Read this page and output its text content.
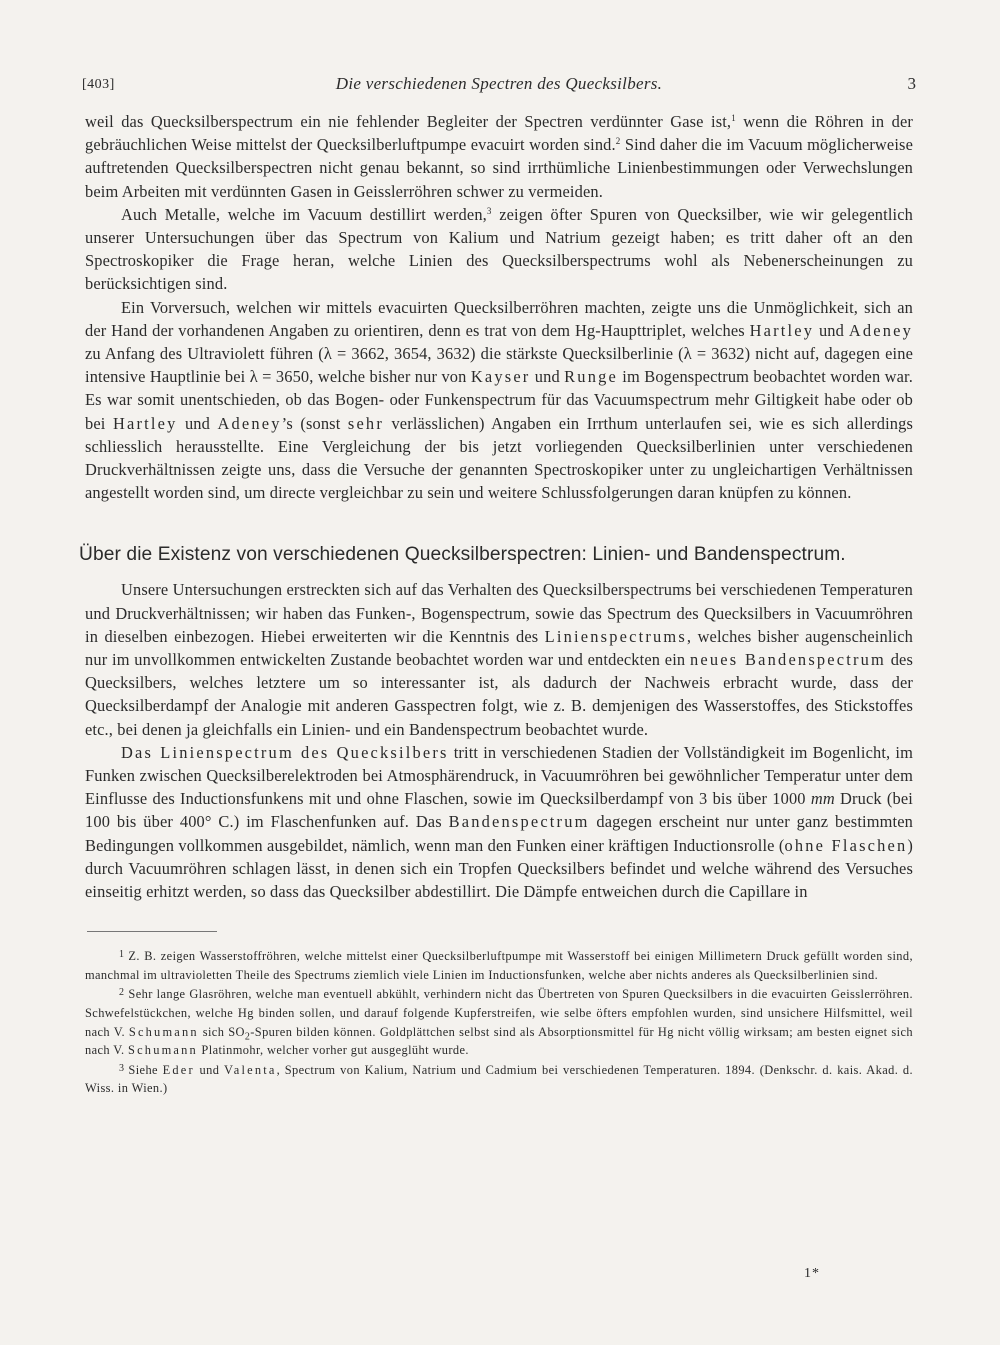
[403]	Die verschiedenen Spectren des Quecksilbers.	3

weil das Quecksilberspectrum ein nie fehlender Begleiter der Spectren verdünnter Gase ist,$^1$ wenn die Röhren in der gebräuchlichen Weise mittelst der Quecksilberluftpumpe evacuirt worden sind.$^2$ Sind daher die im Vacuum möglicherweise auftretenden Quecksilberspectren nicht genau bekannt, so sind irrthümliche Linienbestimmungen oder Verwechslungen beim Arbeiten mit verdünnten Gasen in Geisslerröhren schwer zu vermeiden.

Auch Metalle, welche im Vacuum destillirt werden,$^3$ zeigen öfter Spuren von Quecksilber, wie wir gelegentlich unserer Untersuchungen über das Spectrum von Kalium und Natrium gezeigt haben; es tritt daher oft an den Spectroskopiker die Frage heran, welche Linien des Quecksilberspectrums wohl als Nebenerscheinungen zu berücksichtigen sind.

Ein Vorversuch, welchen wir mittels evacuirten Quecksilberröhren machten, zeigte uns die Unmöglichkeit, sich an der Hand der vorhandenen Angaben zu orientiren, denn es trat von dem Hg-Haupttriplet, welches Hartley und Adeney zu Anfang des Ultraviolett führen (λ = 3662, 3654, 3632) die stärkste Quecksilberlinie (λ = 3632) nicht auf, dagegen eine intensive Hauptlinie bei λ = 3650, welche bisher nur von Kayser und Runge im Bogenspectrum beobachtet worden war. Es war somit unentschieden, ob das Bogen- oder Funkenspectrum für das Vacuumspectrum mehr Giltigkeit habe oder ob bei Hartley und Adeney’s (sonst sehr verlässlichen) Angaben ein Irrthum unterlaufen sei, wie es sich allerdings schliesslich herausstellte. Eine Vergleichung der bis jetzt vorliegenden Quecksilberlinien unter verschiedenen Druckverhältnissen zeigte uns, dass die Versuche der genannten Spectroskopiker unter zu ungleichartigen Verhältnissen angestellt worden sind, um directe vergleichbar zu sein und weitere Schlussfolgerungen daran knüpfen zu können.

Über die Existenz von verschiedenen Quecksilberspectren: Linien- und Bandenspectrum.

Unsere Untersuchungen erstreckten sich auf das Verhalten des Quecksilberspectrums bei verschiedenen Temperaturen und Druckverhältnissen; wir haben das Funken-, Bogenspectrum, sowie das Spectrum des Quecksilbers in Vacuumröhren in dieselben einbezogen. Hiebei erweiterten wir die Kenntnis des Linienspectrums, welches bisher augenscheinlich nur im unvollkommen entwickelten Zustande beobachtet worden war und entdeckten ein neues Bandenspectrum des Quecksilbers, welches letztere um so interessanter ist, als dadurch der Nachweis erbracht wurde, dass der Quecksilberdampf der Analogie mit anderen Gasspectren folgt, wie z. B. demjenigen des Wasserstoffes, des Stickstoffes etc., bei denen ja gleichfalls ein Linien- und ein Bandenspectrum beobachtet wurde.

Das Linienspectrum des Quecksilbers tritt in verschiedenen Stadien der Vollständigkeit im Bogenlicht, im Funken zwischen Quecksilberelektroden bei Atmosphärendruck, in Vacuumröhren bei gewöhnlicher Temperatur unter dem Einflusse des Inductionsfunkens mit und ohne Flaschen, sowie im Quecksilberdampf von 3 bis über 1000 mm Druck (bei 100 bis über 400° C.) im Flaschenfunken auf. Das Bandenspectrum dagegen erscheint nur unter ganz bestimmten Bedingungen vollkommen ausgebildet, nämlich, wenn man den Funken einer kräftigen Inductionsrolle (ohne Flaschen) durch Vacuumröhren schlagen lässt, in denen sich ein Tropfen Quecksilbers befindet und welche während des Versuches einseitig erhitzt werden, so dass das Quecksilber abdestillirt. Die Dämpfe entweichen durch die Capillare in

$^1$ Z. B. zeigen Wasserstoffröhren, welche mittelst einer Quecksilberluftpumpe mit Wasserstoff bei einigen Millimetern Druck gefüllt worden sind, manchmal im ultravioletten Theile des Spectrums ziemlich viele Linien im Inductionsfunken, welche aber nichts anderes als Quecksilberlinien sind.

$^2$ Sehr lange Glasröhren, welche man eventuell abkühlt, verhindern nicht das Übertreten von Spuren Quecksilbers in die evacuirten Geisslerröhren. Schwefelstückchen, welche Hg binden sollen, und darauf folgende Kupferstreifen, wie selbe öfters empfohlen wurden, sind unsichere Hilfsmittel, weil nach V. Schumann sich $SO_2$-Spuren bilden können. Goldplättchen selbst sind als Absorptionsmittel für Hg nicht völlig wirksam; am besten eignet sich nach V. Schumann Platinmohr, welcher vorher gut ausgeglüht wurde.

$^3$ Siehe Eder und Valenta, Spectrum von Kalium, Natrium und Cadmium bei verschiedenen Temperaturen. 1894. (Denkschr. d. kais. Akad. d. Wiss. in Wien.)

1*
